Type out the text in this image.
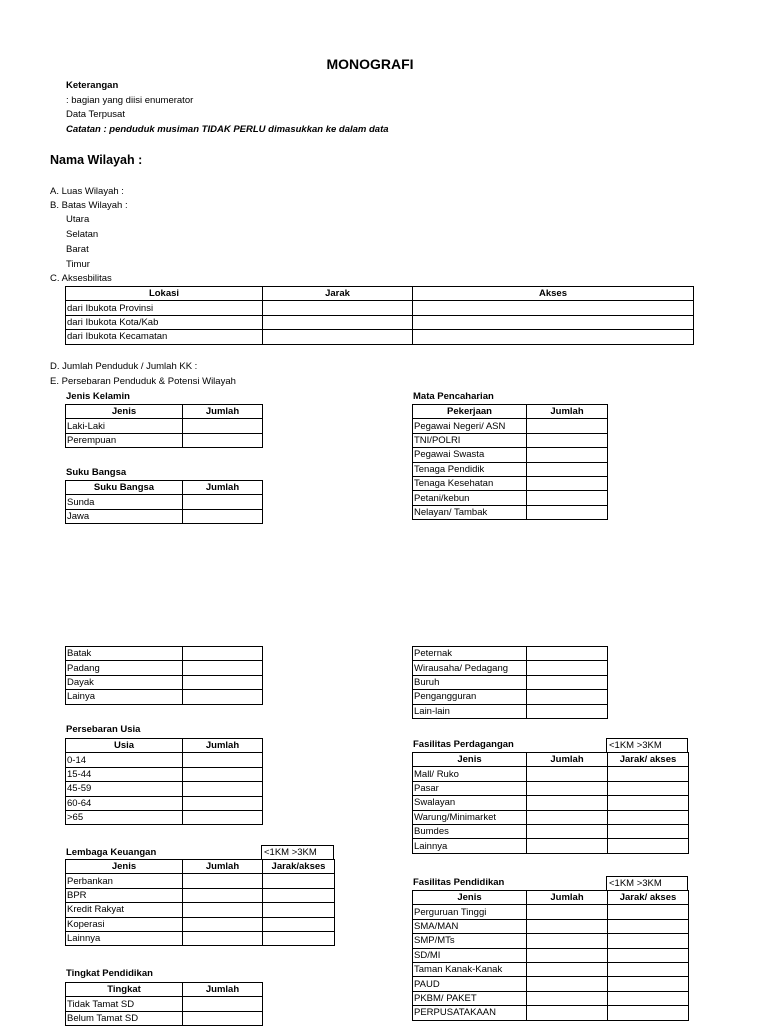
MONOGRAFI
Keterangan
: bagian yang diisi enumerator
Data Terpusat
Catatan : penduduk musiman TIDAK PERLU dimasukkan ke dalam data
Nama Wilayah :
A. Luas Wilayah :
B. Batas Wilayah :
Utara
Selatan
Barat
Timur
C. Aksesbilitas
Lokasi	Jarak	Akses
dari Ibukota Provinsi		
dari Ibukota Kota/Kab		
dari Ibukota Kecamatan		
D. Jumlah Penduduk / Jumlah KK :
E. Persebaran Penduduk & Potensi Wilayah
Jenis Kelamin
Jenis	Jumlah
Laki-Laki	
Perempuan	
Suku Bangsa
Suku Bangsa	Jumlah
Sunda	
Jawa	
Mata Pencaharian
Pekerjaan	Jumlah
Pegawai Negeri/ ASN	
TNI/POLRI	
Pegawai Swasta	
Tenaga Pendidik	
Tenaga Kesehatan	
Petani/kebun	
Nelayan/ Tambak	
Batak	
Padang	
Dayak	
Lainya	
Peternak	
Wirausaha/ Pedagang	
Buruh	
Pengangguran	
Lain-lain	
Persebaran Usia
Usia	Jumlah
0-14	
15-44	
45-59	
60-64	
>65	
Fasilitas Perdagangan	<1KM >3KM
Jenis	Jumlah	Jarak/ akses
Mall/ Ruko		
Pasar		
Swalayan		
Warung/Minimarket		
Bumdes		
Lainnya		
Lembaga Keuangan	<1KM >3KM
Jenis	Jumlah	Jarak/akses
Perbankan		
BPR		
Kredit Rakyat		
Koperasi		
Lainnya		
Fasilitas Pendidikan	<1KM >3KM
Jenis	Jumlah	Jarak/ akses
Perguruan Tinggi		
SMA/MAN		
SMP/MTs		
SD/MI		
Taman Kanak-Kanak		
PAUD		
PKBM/ PAKET		
PERPUSATAKAAN		
Tingkat Pendidikan
Tingkat	Jumlah
Tidak Tamat SD	
Belum Tamat SD	
